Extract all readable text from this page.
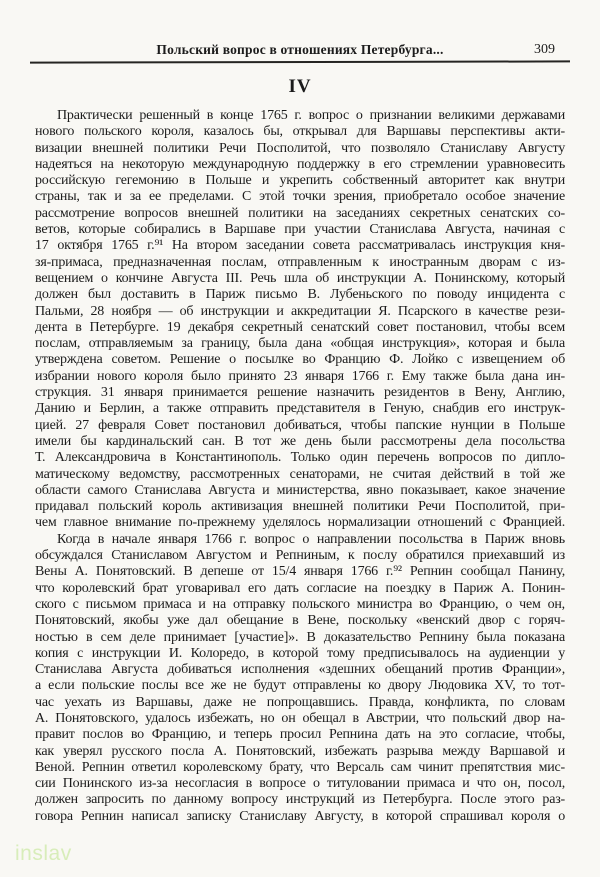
Польский вопрос в отношениях Петербурга...	309
IV
Практически решенный в конце 1765 г. вопрос о признании великими державами
нового польского короля, казалось бы, открывал для Варшавы перспективы акти-
визации внешней политики Речи Посполитой, что позволяло Станиславу Августу
надеяться на некоторую международную поддержку в его стремлении уравновесить
российскую гегемонию в Польше и укрепить собственный авторитет как внутри
страны, так и за ее пределами. С этой точки зрения, приобретало особое значение
рассмотрение вопросов внешней политики на заседаниях секретных сенатских со-
ветов, которые собирались в Варшаве при участии Станислава Августа, начиная с
17 октября 1765 г.⁹¹ На втором заседании совета рассматривалась инструкция кня-
зя-примаса, предназначенная послам, отправленным к иностранным дворам с из-
вещением о кончине Августа III. Речь шла об инструкции А. Понинскому, который
должен был доставить в Париж письмо В. Лубеньского по поводу инцидента с
Пальми, 28 ноября — об инструкции и аккредитации Я. Псарского в качестве рези-
дента в Петербурге. 19 декабря секретный сенатский совет постановил, чтобы всем
послам, отправляемым за границу, была дана «общая инструкция», которая и была
утверждена советом. Решение о посылке во Францию Ф. Лойко с извещением об
избрании нового короля было принято 23 января 1766 г. Ему также была дана ин-
струкция. 31 января принимается решение назначить резидентов в Вену, Англию,
Данию и Берлин, а также отправить представителя в Геную, снабдив его инструк-
цией. 27 февраля Совет постановил добиваться, чтобы папские нунции в Польше
имели бы кардинальский сан. В тот же день были рассмотрены дела посольства
Т. Александровича в Константинополь. Только один перечень вопросов по дипло-
матическому ведомству, рассмотренных сенаторами, не считая действий в той же
области самого Станислава Августа и министерства, явно показывает, какое значение
придавал польский король активизация внешней политики Речи Посполитой, при-
чем главное внимание по-прежнему уделялось нормализации отношений с Францией.
Когда в начале января 1766 г. вопрос о направлении посольства в Париж вновь
обсуждался Станиславом Августом и Репниным, к послу обратился приехавший из
Вены А. Понятовский. В депеше от 15/4 января 1766 г.⁹² Репнин сообщал Панину,
что королевский брат уговаривал его дать согласие на поездку в Париж А. Понин-
ского с письмом примаса и на отправку польского министра во Францию, о чем он,
Понятовский, якобы уже дал обещание в Вене, поскольку «венский двор с горяч-
ностью в сем деле принимает [участие]». В доказательство Репнину была показана
копия с инструкции И. Колоредо, в которой тому предписывалось на аудиенции у
Станислава Августа добиваться исполнения «здешних обещаний против Франции»,
а если польские послы все же не будут отправлены ко двору Людовика XV, то тот-
час уехать из Варшавы, даже не попрощавшись. Правда, конфликта, по словам
А. Понятовского, удалось избежать, но он обещал в Австрии, что польский двор на-
правит послов во Францию, и теперь просил Репнина дать на это согласие, чтобы,
как уверял русского посла А. Понятовский, избежать разрыва между Варшавой и
Веной. Репнин ответил королевскому брату, что Версаль сам чинит препятствия мис-
сии Понинского из-за несогласия в вопросе о титуловании примаса и что он, посол,
должен запросить по данному вопросу инструкций из Петербурга. После этого раз-
говора Репнин написал записку Станиславу Августу, в которой спрашивал короля о
inslav
